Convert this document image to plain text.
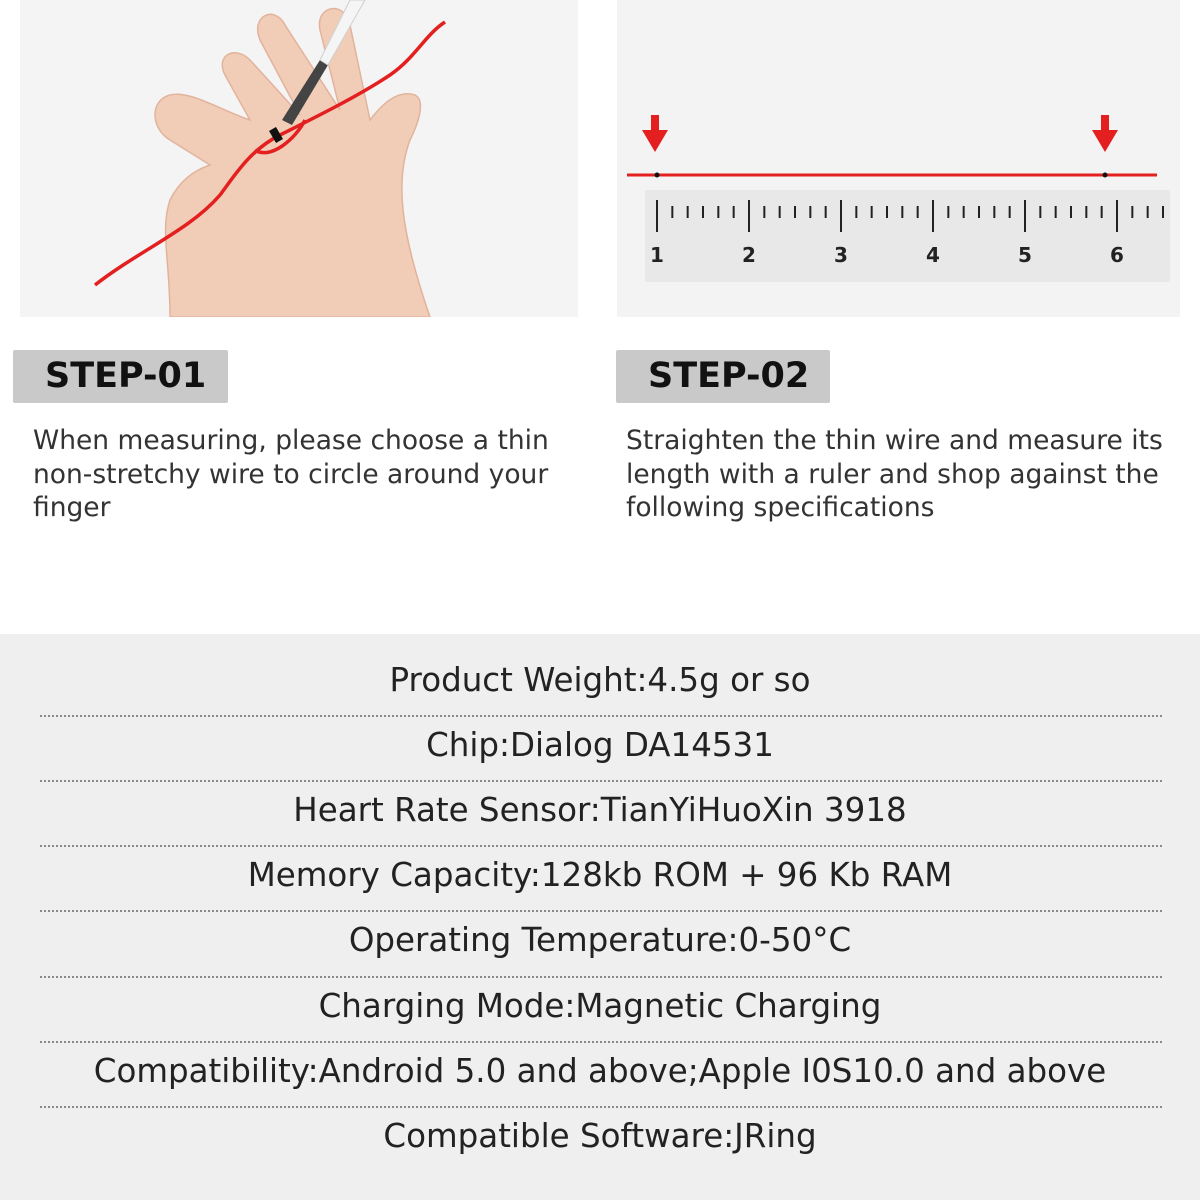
1	2	3	4	5	6
STEP-01	STEP-02

When measuring, please choose a thin non-stretchy wire to circle around your finger

Straighten the thin wire and measure its length with a ruler and shop against the following specifications

Product Weight:4.5g or so
Chip:Dialog DA14531
Heart Rate Sensor:TianYiHuoXin 3918
Memory Capacity:128kb ROM + 96 Kb RAM
Operating Temperature:0-50°C
Charging Mode:Magnetic Charging
Compatibility:Android 5.0 and above;Apple I0S10.0 and above
Compatible Software:JRing
